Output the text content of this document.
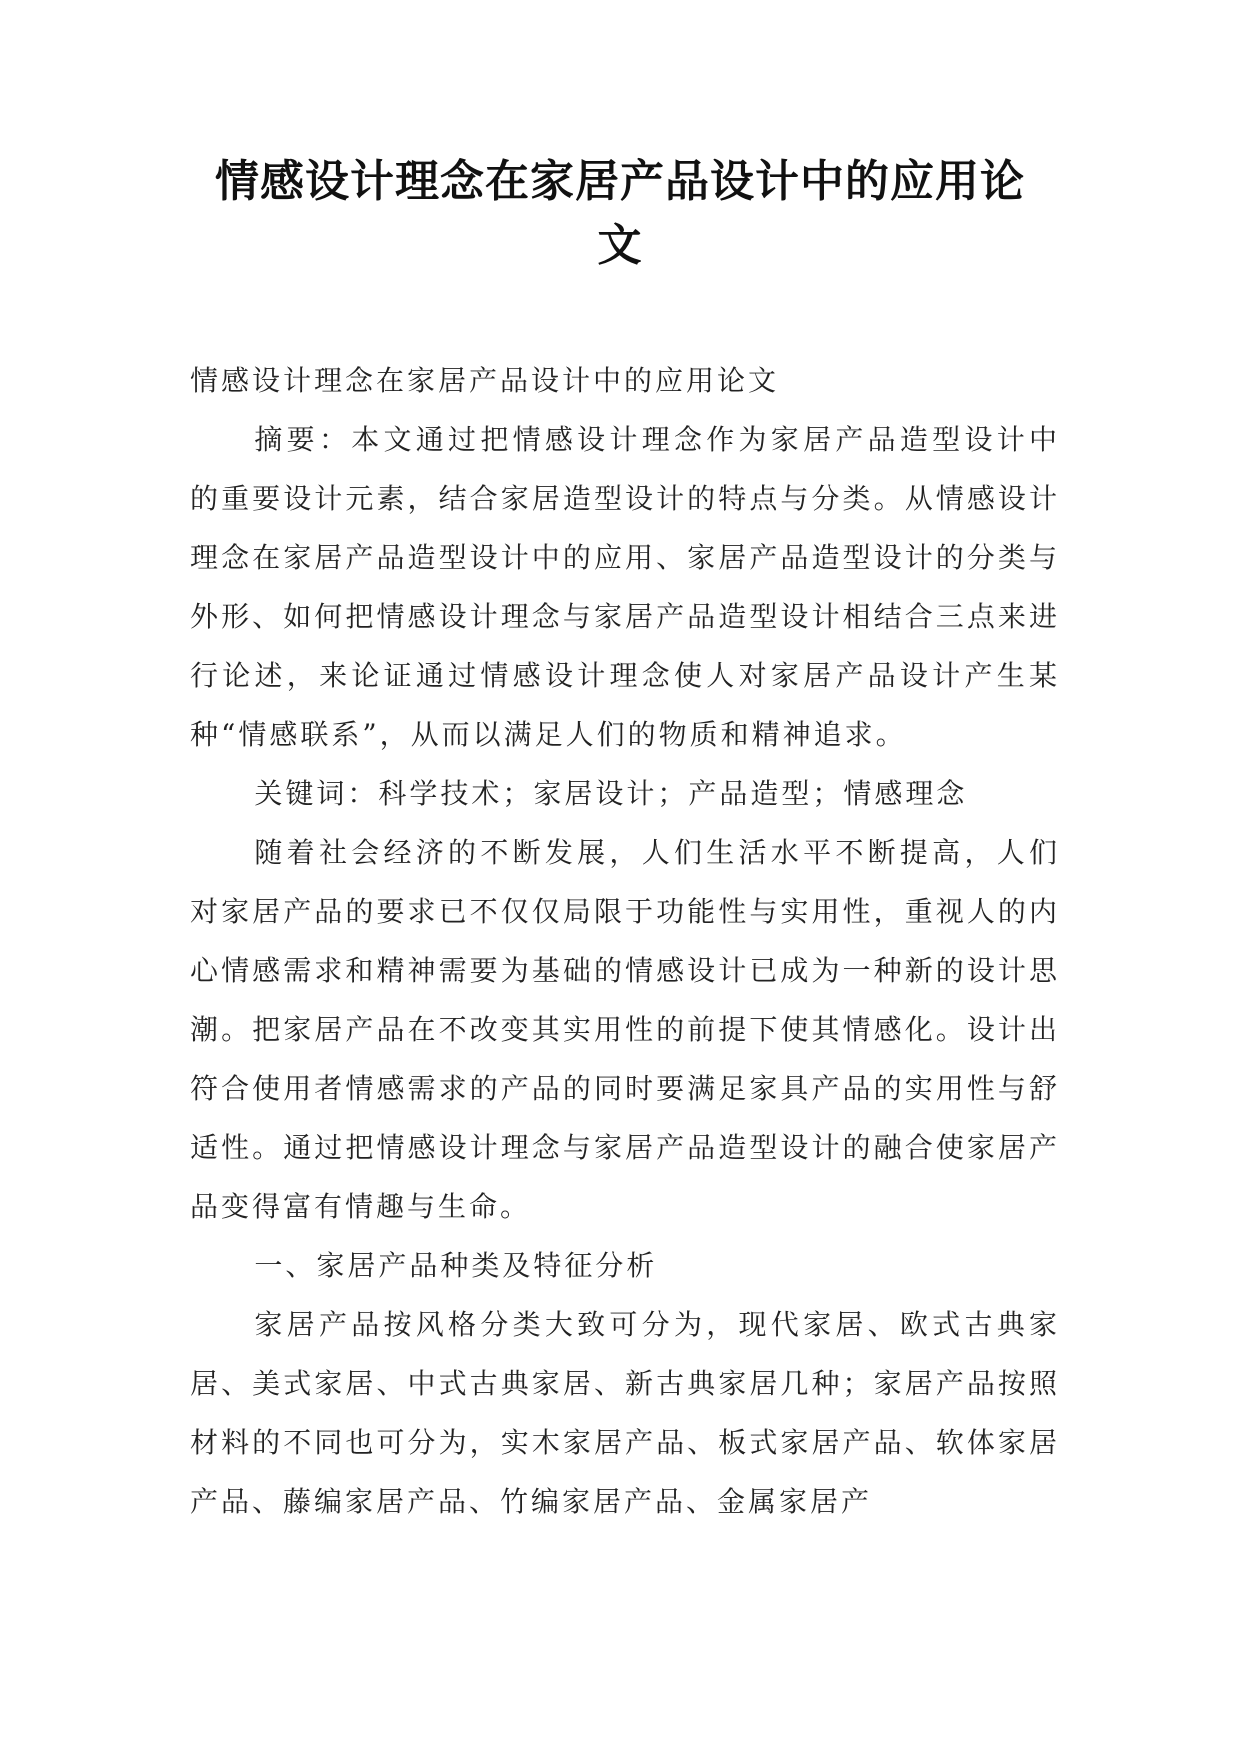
情感设计理念在家居产品设计中的应用论文

情感设计理念在家居产品设计中的应用论文

摘要：本文通过把情感设计理念作为家居产品造型设计中的重要设计元素，结合家居造型设计的特点与分类。从情感设计理念在家居产品造型设计中的应用、家居产品造型设计的分类与外形、如何把情感设计理念与家居产品造型设计相结合三点来进行论述，来论证通过情感设计理念使人对家居产品设计产生某种“情感联系”，从而以满足人们的物质和精神追求。

关键词：科学技术；家居设计；产品造型；情感理念

随着社会经济的不断发展，人们生活水平不断提高，人们对家居产品的要求已不仅仅局限于功能性与实用性，重视人的内心情感需求和精神需要为基础的情感设计已成为一种新的设计思潮。把家居产品在不改变其实用性的前提下使其情感化。设计出符合使用者情感需求的产品的同时要满足家具产品的实用性与舒适性。通过把情感设计理念与家居产品造型设计的融合使家居产品变得富有情趣与生命。

一、家居产品种类及特征分析

家居产品按风格分类大致可分为，现代家居、欧式古典家居、美式家居、中式古典家居、新古典家居几种；家居产品按照材料的不同也可分为，实木家居产品、板式家居产品、软体家居产品、藤编家居产品、竹编家居产品、金属家居产
